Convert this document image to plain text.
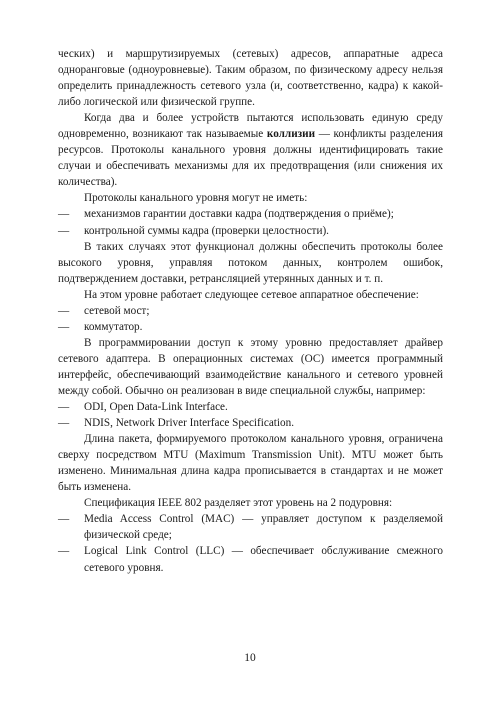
ческих) и маршрутизируемых (сетевых) адресов, аппаратные адреса одноранговые (одноуровневые). Таким образом, по физическому адресу нельзя определить принадлежность сетевого узла (и, соответственно, кадра) к какой-либо логической или физической группе.

Когда два и более устройств пытаются использовать единую среду одновременно, возникают так называемые коллизии — конфликты разделения ресурсов. Протоколы канального уровня должны идентифицировать такие случаи и обеспечивать механизмы для их предотвращения (или снижения их количества).

Протоколы канального уровня могут не иметь:

— механизмов гарантии доставки кадра (подтверждения о приёме);
— контрольной суммы кадра (проверки целостности).

В таких случаях этот функционал должны обеспечить протоколы более высокого уровня, управляя потоком данных, контролем ошибок, подтверждением доставки, ретрансляцией утерянных данных и т. п.

На этом уровне работает следующее сетевое аппаратное обеспечение:

— сетевой мост;
— коммутатор.

В программировании доступ к этому уровню предоставляет драйвер сетевого адаптера. В операционных системах (ОС) имеется программный интерфейс, обеспечивающий взаимодействие канального и сетевого уровней между собой. Обычно он реализован в виде специальной службы, например:

— ODI, Open Data-Link Interface.
— NDIS, Network Driver Interface Specification.

Длина пакета, формируемого протоколом канального уровня, ограничена сверху посредством MTU (Maximum Transmission Unit). MTU может быть изменено. Минимальная длина кадра прописывается в стандартах и не может быть изменена.

Спецификация IEEE 802 разделяет этот уровень на 2 подуровня:

— Media Access Control (MAC) — управляет доступом к разделяемой физической среде;
— Logical Link Control (LLC) — обеспечивает обслуживание смежного сетевого уровня.
10
